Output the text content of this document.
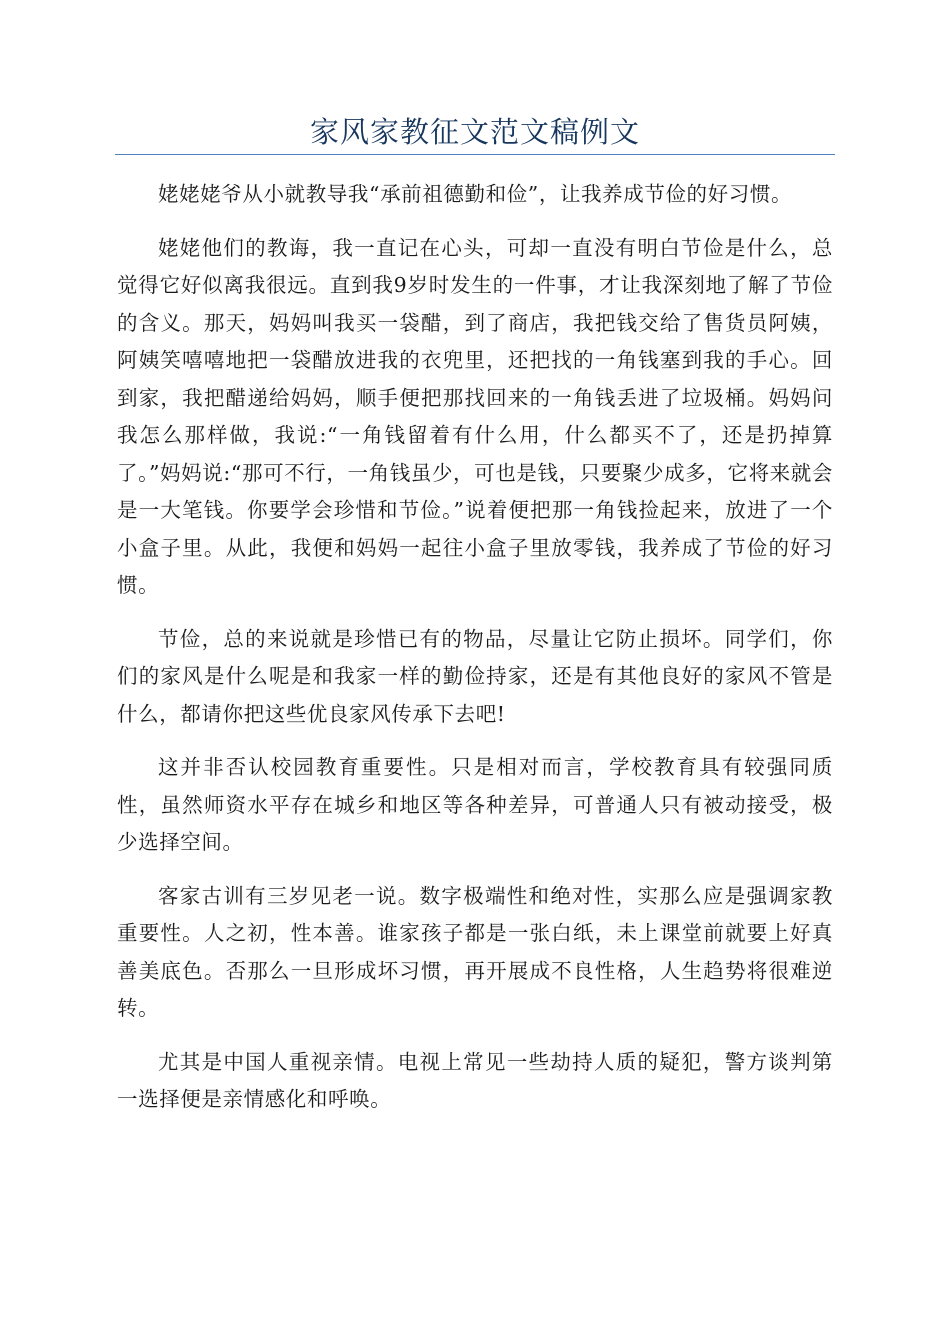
家风家教征文范文稿例文

姥姥姥爷从小就教导我“承前祖德勤和俭”，让我养成节俭的好习惯。

姥姥他们的教诲，我一直记在心头，可却一直没有明白节俭是什么，总觉得它好似离我很远。直到我9岁时发生的一件事，才让我深刻地了解了节俭的含义。那天，妈妈叫我买一袋醋，到了商店，我把钱交给了售货员阿姨，阿姨笑嘻嘻地把一袋醋放进我的衣兜里，还把找的一角钱塞到我的手心。回到家，我把醋递给妈妈，顺手便把那找回来的一角钱丢进了垃圾桶。妈妈问我怎么那样做，我说:“一角钱留着有什么用，什么都买不了，还是扔掉算了。”妈妈说:“那可不行，一角钱虽少，可也是钱，只要聚少成多，它将来就会是一大笔钱。你要学会珍惜和节俭。”说着便把那一角钱捡起来，放进了一个小盒子里。从此，我便和妈妈一起往小盒子里放零钱，我养成了节俭的好习惯。

节俭，总的来说就是珍惜已有的物品，尽量让它防止损坏。同学们，你们的家风是什么呢是和我家一样的勤俭持家，还是有其他良好的家风不管是什么，都请你把这些优良家风传承下去吧!

这并非否认校园教育重要性。只是相对而言，学校教育具有较强同质性，虽然师资水平存在城乡和地区等各种差异，可普通人只有被动接受，极少选择空间。

客家古训有三岁见老一说。数字极端性和绝对性，实那么应是强调家教重要性。人之初，性本善。谁家孩子都是一张白纸，未上课堂前就要上好真善美底色。否那么一旦形成坏习惯，再开展成不良性格，人生趋势将很难逆转。

尤其是中国人重视亲情。电视上常见一些劫持人质的疑犯，警方谈判第一选择便是亲情感化和呼唤。
